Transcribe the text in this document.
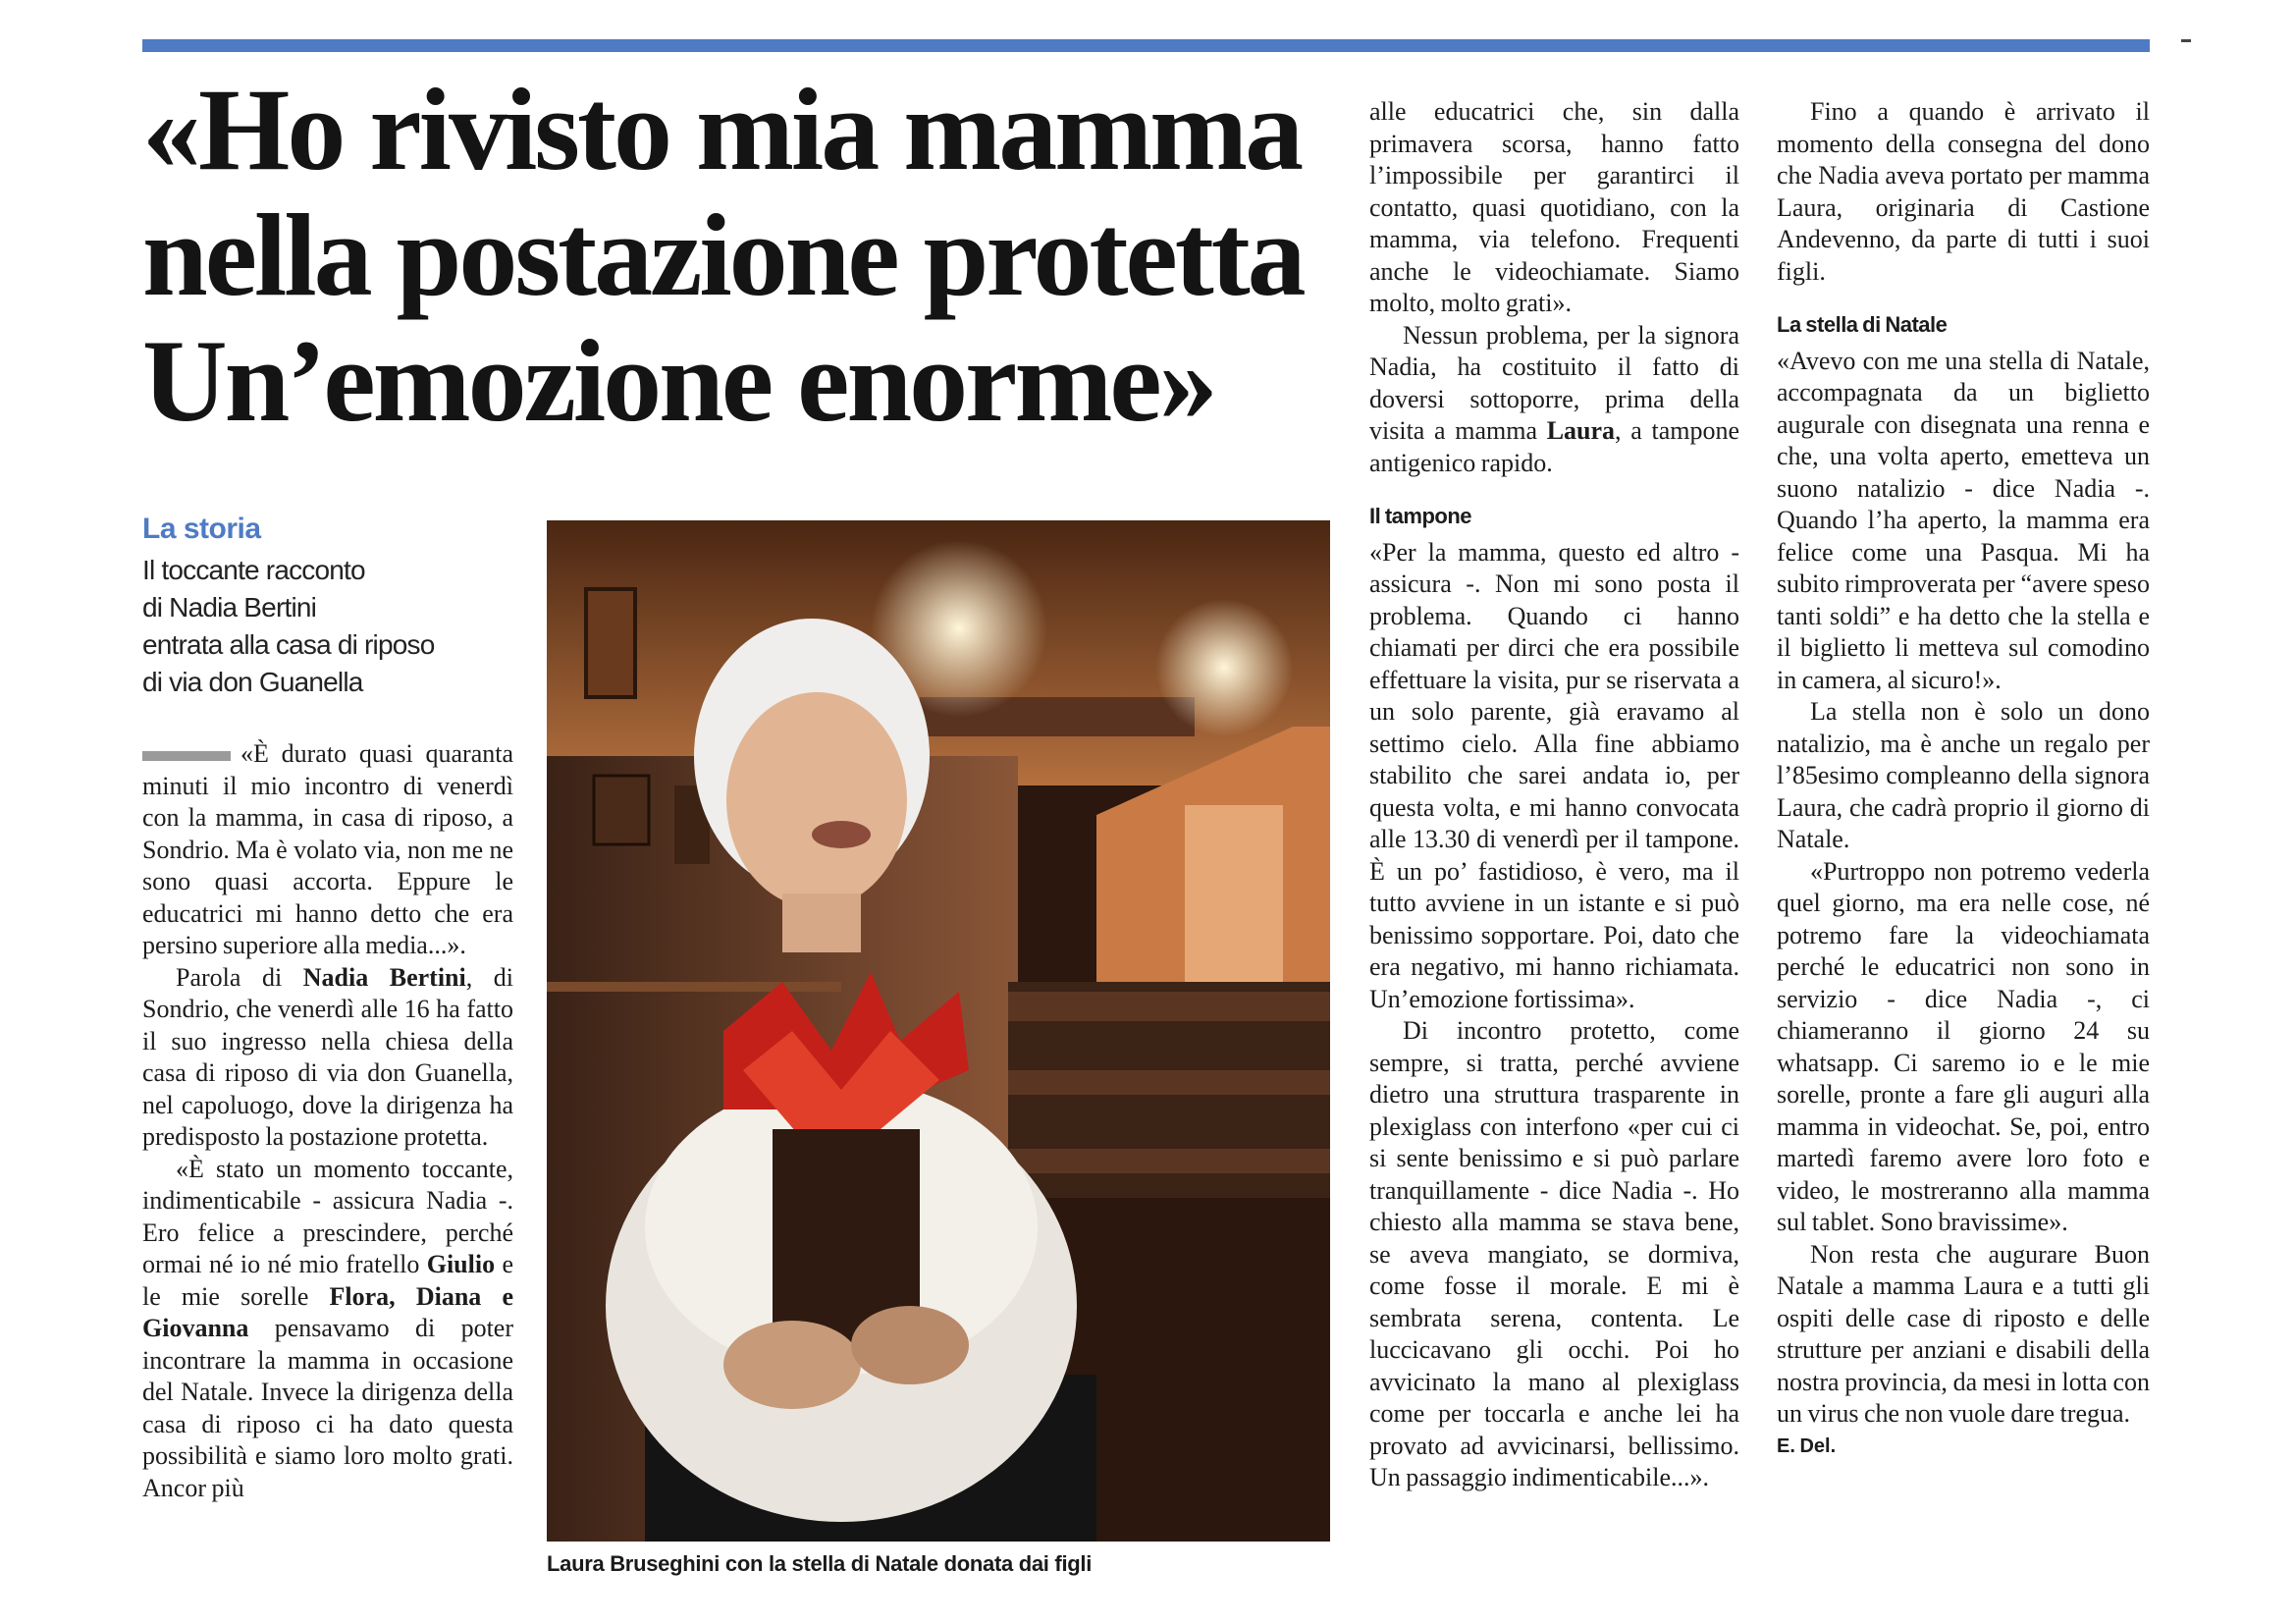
«Ho rivisto mia mamma
nella postazione protetta
Un’emozione enorme»
La storia
Il toccante racconto
di Nadia Bertini
entrata alla casa di riposo
di via don Guanella

«È durato quasi quaranta minuti il mio incontro di venerdì con la mamma, in casa di riposo, a Sondrio. Ma è volato via, non me ne sono quasi accorta. Eppure le educatrici mi hanno detto che era persino superiore alla media...».

Parola di Nadia Bertini, di Sondrio, che venerdì alle 16 ha fatto il suo ingresso nella chiesa della casa di riposo di via don Guanella, nel capoluogo, dove la dirigenza ha predisposto la postazione protetta.

«È stato un momento toccante, indimenticabile - assicura Nadia -. Ero felice a prescindere, perché ormai né io né mio fratello Giulio e le mie sorelle Flora, Diana e Giovanna pensavamo di poter incontrare la mamma in occasione del Natale. Invece la dirigenza della casa di riposo ci ha dato questa possibilità e siamo loro molto grati. Ancor più

Laura Bruseghini con la stella di Natale donata dai figli

alle educatrici che, sin dalla primavera scorsa, hanno fatto l’impossibile per garantirci il contatto, quasi quotidiano, con la mamma, via telefono. Frequenti anche le videochiamate. Siamo molto, molto grati».

Nessun problema, per la signora Nadia, ha costituito il fatto di doversi sottoporre, prima della visita a mamma Laura, a tampone antigenico rapido.

Il tampone

«Per la mamma, questo ed altro - assicura -. Non mi sono posta il problema. Quando ci hanno chiamati per dirci che era possibile effettuare la visita, pur se riservata a un solo parente, già eravamo al settimo cielo. Alla fine abbiamo stabilito che sarei andata io, per questa volta, e mi hanno convocata alle 13.30 di venerdì per il tampone. È un po’ fastidioso, è vero, ma il tutto avviene in un istante e si può benissimo sopportare. Poi, dato che era negativo, mi hanno richiamata. Un’emozione fortissima».

Di incontro protetto, come sempre, si tratta, perché avviene dietro una struttura trasparente in plexiglass con interfono «per cui ci si sente benissimo e si può parlare tranquillamente - dice Nadia -. Ho chiesto alla mamma se stava bene, se aveva mangiato, se dormiva, come fosse il morale. E mi è sembrata serena, contenta. Le luccicavano gli occhi. Poi ho avvicinato la mano al plexiglass come per toccarla e anche lei ha provato ad avvicinarsi, bellissimo. Un passaggio indimenticabile...».

Fino a quando è arrivato il momento della consegna del dono che Nadia aveva portato per mamma Laura, originaria di Castione Andevenno, da parte di tutti i suoi figli.

La stella di Natale

«Avevo con me una stella di Natale, accompagnata da un biglietto augurale con disegnata una renna e che, una volta aperto, emetteva un suono natalizio - dice Nadia -. Quando l’ha aperto, la mamma era felice come una Pasqua. Mi ha subito rimproverata per “avere speso tanti soldi” e ha detto che la stella e il biglietto li metteva sul comodino in camera, al sicuro!».

La stella non è solo un dono natalizio, ma è anche un regalo per l’85esimo compleanno della signora Laura, che cadrà proprio il giorno di Natale.

«Purtroppo non potremo vederla quel giorno, ma era nelle cose, né potremo fare la videochiamata perché le educatrici non sono in servizio - dice Nadia -, ci chiameranno il giorno 24 su whatsapp. Ci saremo io e le mie sorelle, pronte a fare gli auguri alla mamma in videochat. Se, poi, entro martedì faremo avere loro foto e video, le mostreranno alla mamma sul tablet. Sono bravissime».

Non resta che augurare Buon Natale a mamma Laura e a tutti gli ospiti delle case di riposto e delle strutture per anziani e disabili della nostra provincia, da mesi in lotta con un virus che non vuole dare tregua.

E. Del.
